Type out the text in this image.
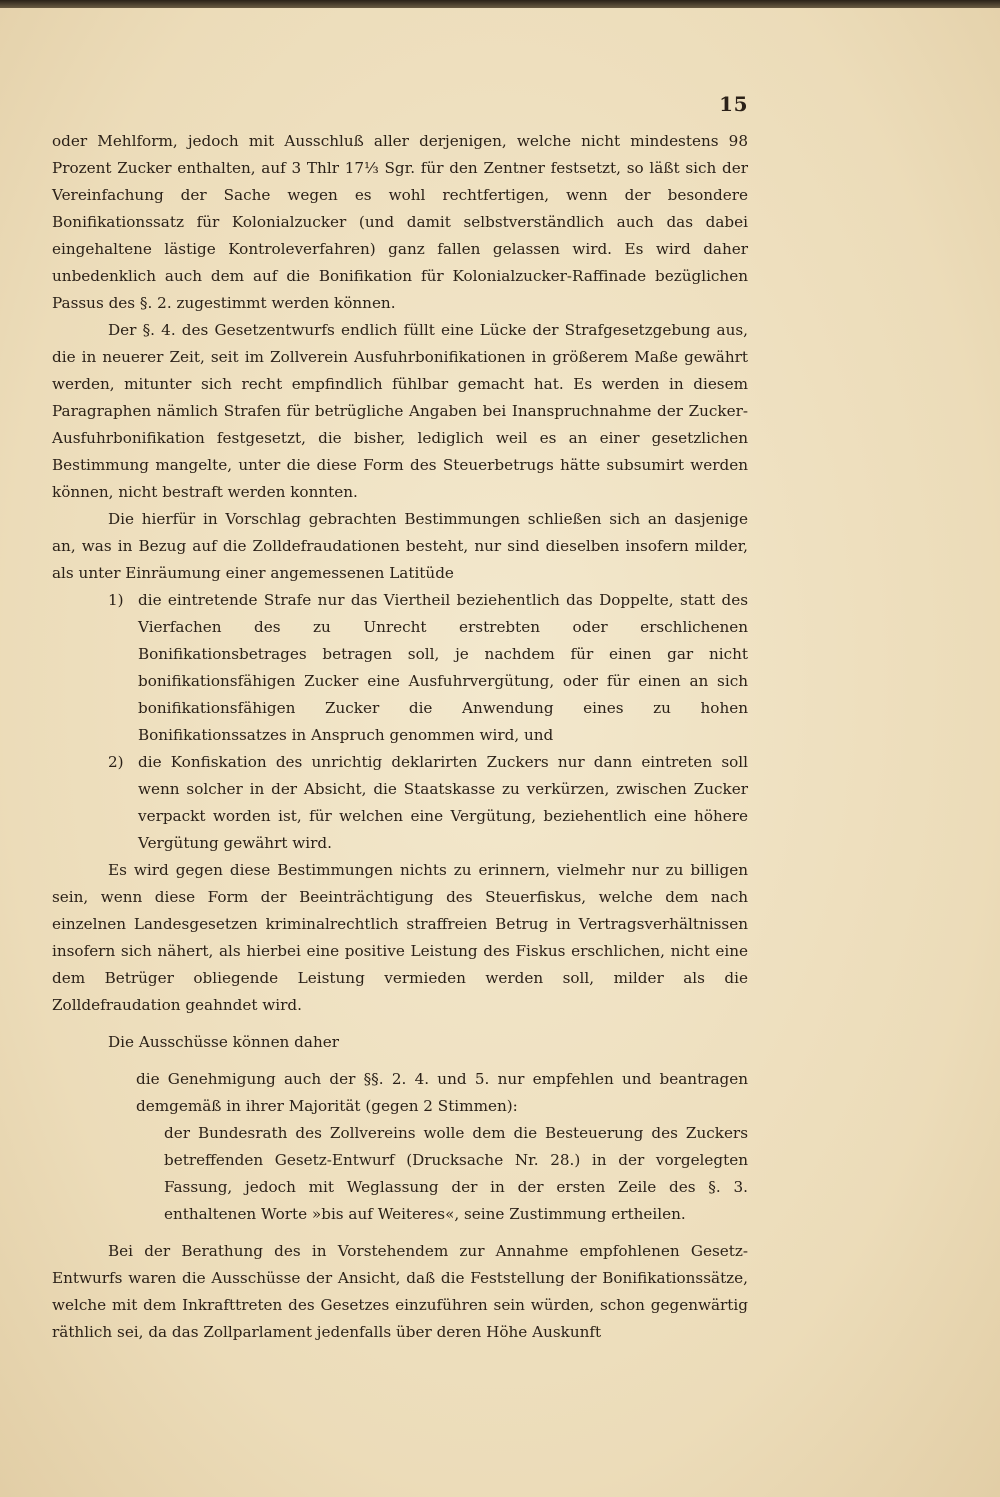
15

oder Mehlform, jedoch mit Ausschluß aller derjenigen, welche nicht mindestens 98 Prozent Zucker enthalten, auf 3 Thlr 17⅓ Sgr. für den Zentner festsetzt, so läßt sich der Vereinfachung der Sache wegen es wohl rechtfertigen, wenn der besondere Bonifikationssatz für Kolonialzucker (und damit selbstverständlich auch das dabei eingehaltene lästige Kontroleverfahren) ganz fallen gelassen wird. Es wird daher unbedenklich auch dem auf die Bonifikation für Kolonialzucker-Raffinade bezüglichen Passus des §. 2. zugestimmt werden können.

Der §. 4. des Gesetzentwurfs endlich füllt eine Lücke der Strafgesetzgebung aus, die in neuerer Zeit, seit im Zollverein Ausfuhrbonifikationen in größerem Maße gewährt werden, mitunter sich recht empfindlich fühlbar gemacht hat. Es werden in diesem Paragraphen nämlich Strafen für betrügliche Angaben bei Inanspruchnahme der Zucker-Ausfuhrbonifikation festgesetzt, die bisher, lediglich weil es an einer gesetzlichen Bestimmung mangelte, unter die diese Form des Steuerbetrugs hätte subsumirt werden können, nicht bestraft werden konnten.

Die hierfür in Vorschlag gebrachten Bestimmungen schließen sich an dasjenige an, was in Bezug auf die Zolldefraudationen besteht, nur sind dieselben insofern milder, als unter Einräumung einer angemessenen Latitüde

1) die eintretende Strafe nur das Viertheil beziehentlich das Doppelte, statt des Vierfachen des zu Unrecht erstrebten oder erschlichenen Bonifikationsbetrages betragen soll, je nachdem für einen gar nicht bonifikationsfähigen Zucker eine Ausfuhrvergütung, oder für einen an sich bonifikationsfähigen Zucker die Anwendung eines zu hohen Bonifikationssatzes in Anspruch genommen wird, und
2) die Konfiskation des unrichtig deklarirten Zuckers nur dann eintreten soll wenn solcher in der Absicht, die Staatskasse zu verkürzen, zwischen Zucker verpackt worden ist, für welchen eine Vergütung, beziehentlich eine höhere Vergütung gewährt wird.

Es wird gegen diese Bestimmungen nichts zu erinnern, vielmehr nur zu billigen sein, wenn diese Form der Beeinträchtigung des Steuerfiskus, welche dem nach einzelnen Landesgesetzen kriminalrechtlich straffreien Betrug in Vertragsverhältnissen insofern sich nähert, als hierbei eine positive Leistung des Fiskus erschlichen, nicht eine dem Betrüger obliegende Leistung vermieden werden soll, milder als die Zolldefraudation geahndet wird.

Die Ausschüsse können daher

die Genehmigung auch der §§. 2. 4. und 5. nur empfehlen und beantragen demgemäß in ihrer Majorität (gegen 2 Stimmen):

der Bundesrath des Zollvereins wolle dem die Besteuerung des Zuckers betreffenden Gesetz-Entwurf (Drucksache Nr. 28.) in der vorgelegten Fassung, jedoch mit Weglassung der in der ersten Zeile des §. 3. enthaltenen Worte »bis auf Weiteres«, seine Zustimmung ertheilen.

Bei der Berathung des in Vorstehendem zur Annahme empfohlenen Gesetz-Entwurfs waren die Ausschüsse der Ansicht, daß die Feststellung der Bonifikationssätze, welche mit dem Inkrafttreten des Gesetzes einzuführen sein würden, schon gegenwärtig räthlich sei, da das Zollparlament jedenfalls über deren Höhe Auskunft
